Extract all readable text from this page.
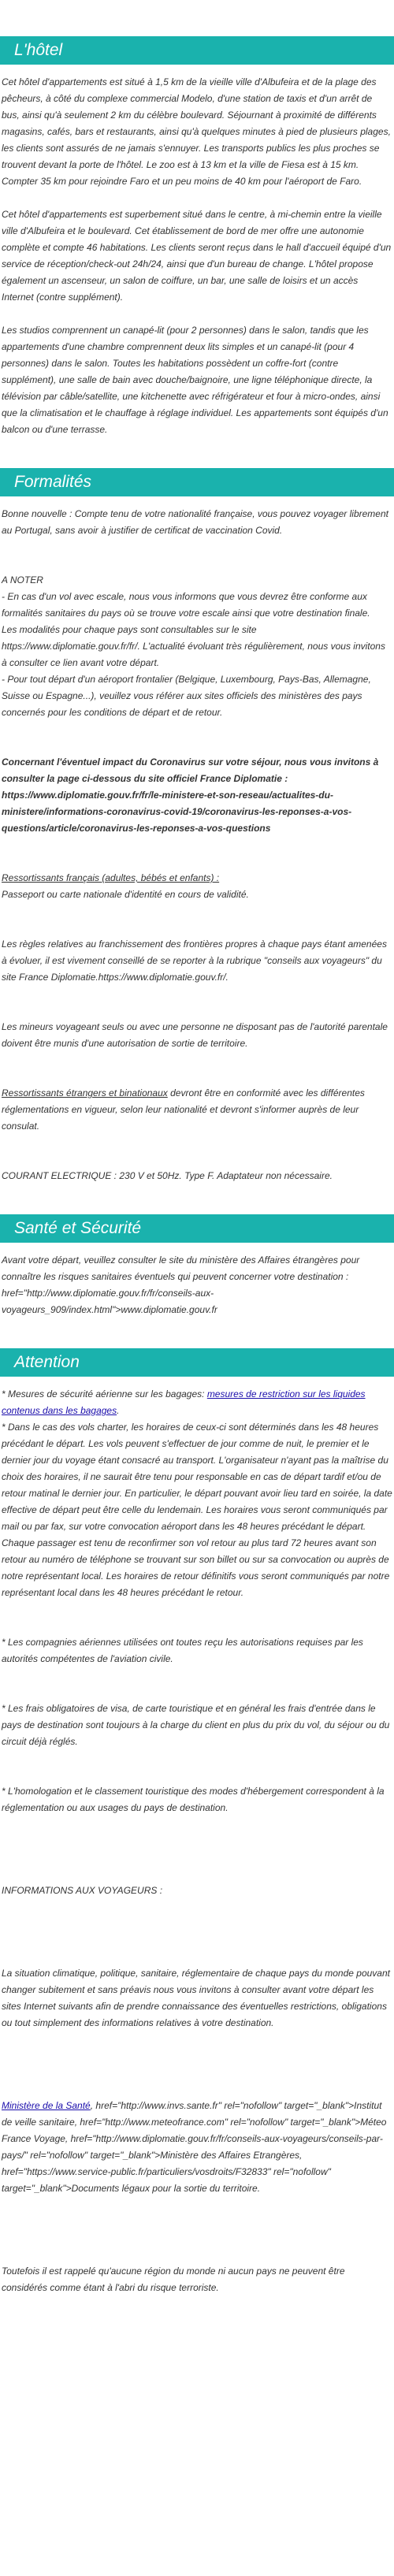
L'hôtel

Cet hôtel d'appartements est situé à 1,5 km de la vieille ville d'Albufeira et de la plage des pêcheurs, à côté du complexe commercial Modelo, d'une station de taxis et d'un arrêt de bus, ainsi qu'à seulement 2 km du célèbre boulevard. Séjournant à proximité de différents magasins, cafés, bars et restaurants, ainsi qu'à quelques minutes à pied de plusieurs plages, les clients sont assurés de ne jamais s'ennuyer. Les transports publics les plus proches se trouvent devant la porte de l'hôtel. Le zoo est à 13 km et la ville de Fiesa est à 15 km. Compter 35 km pour rejoindre Faro et un peu moins de 40 km pour l'aéroport de Faro.

Cet hôtel d'appartements est superbement situé dans le centre, à mi-chemin entre la vieille ville d'Albufeira et le boulevard. Cet établissement de bord de mer offre une autonomie complète et compte 46 habitations. Les clients seront reçus dans le hall d'accueil équipé d'un service de réception/check-out 24h/24, ainsi que d'un bureau de change. L'hôtel propose également un ascenseur, un salon de coiffure, un bar, une salle de loisirs et un accès Internet (contre supplément).

Les studios comprennent un canapé-lit (pour 2 personnes) dans le salon, tandis que les appartements d'une chambre comprennent deux lits simples et un canapé-lit (pour 4 personnes) dans le salon. Toutes les habitations possèdent un coffre-fort (contre supplément), une salle de bain avec douche/baignoire, une ligne téléphonique directe, la télévision par câble/satellite, une kitchenette avec réfrigérateur et four à micro-ondes, ainsi que la climatisation et le chauffage à réglage individuel. Les appartements sont équipés d'un balcon ou d'une terrasse.

Formalités

Bonne nouvelle : Compte tenu de votre nationalité française, vous pouvez voyager librement au Portugal, sans avoir à justifier de certificat de vaccination Covid.

A NOTER

- En cas d'un vol avec escale, nous vous informons que vous devrez être conforme aux formalités sanitaires du pays où se trouve votre escale ainsi que votre destination finale.

Les modalités pour chaque pays sont consultables sur le site https://www.diplomatie.gouv.fr/fr/. L'actualité évoluant très régulièrement, nous vous invitons à consulter ce lien avant votre départ.

- Pour tout départ d'un aéroport frontalier (Belgique, Luxembourg, Pays-Bas, Allemagne, Suisse ou Espagne...), veuillez vous référer aux sites officiels des ministères des pays concernés pour les conditions de départ et de retour.

Concernant l'éventuel impact du Coronavirus sur votre séjour, nous vous invitons à consulter la page ci-dessous du site officiel France Diplomatie : https://www.diplomatie.gouv.fr/fr/le-ministere-et-son-reseau/actualites-du-ministere/informations-coronavirus-covid-19/coronavirus-les-reponses-a-vos-questions/article/coronavirus-les-reponses-a-vos-questions

Ressortissants français (adultes, bébés et enfants) :

Passeport ou carte nationale d'identité en cours de validité.

Les règles relatives au franchissement des frontières propres à chaque pays étant amenées à évoluer, il est vivement conseillé de se reporter à la rubrique "conseils aux voyageurs" du site France Diplomatie.https://www.diplomatie.gouv.fr/.

Les mineurs voyageant seuls ou avec une personne ne disposant pas de l'autorité parentale doivent être munis d'une autorisation de sortie de territoire.

Ressortissants étrangers et binationaux devront être en conformité avec les différentes réglementations en vigueur, selon leur nationalité et devront s'informer auprès de leur consulat.

COURANT ELECTRIQUE : 230 V et 50Hz. Type F. Adaptateur non nécessaire.

Santé et Sécurité

Avant votre départ, veuillez consulter le site du ministère des Affaires étrangères pour connaître les risques sanitaires éventuels qui peuvent concerner votre destination : href="http://www.diplomatie.gouv.fr/fr/conseils-aux-voyageurs_909/index.html">www.diplomatie.gouv.fr

Attention

* Mesures de sécurité aérienne sur les bagages: mesures de restriction sur les liquides contenus dans les bagages.

* Dans le cas des vols charter, les horaires de ceux-ci sont déterminés dans les 48 heures précédant le départ. Les vols peuvent s'effectuer de jour comme de nuit, le premier et le dernier jour du voyage étant consacré au transport. L'organisateur n'ayant pas la maîtrise du choix des horaires, il ne saurait être tenu pour responsable en cas de départ tardif et/ou de retour matinal le dernier jour. En particulier, le départ pouvant avoir lieu tard en soirée, la date effective de départ peut être celle du lendemain. Les horaires vous seront communiqués par mail ou par fax, sur votre convocation aéroport dans les 48 heures précédant le départ. Chaque passager est tenu de reconfirmer son vol retour au plus tard 72 heures avant son retour au numéro de téléphone se trouvant sur son billet ou sur sa convocation ou auprès de notre représentant local. Les horaires de retour définitifs vous seront communiqués par notre représentant local dans les 48 heures précédant le retour.

* Les compagnies aériennes utilisées ont toutes reçu les autorisations requises par les autorités compétentes de l'aviation civile.

* Les frais obligatoires de visa, de carte touristique et en général les frais d'entrée dans le pays de destination sont toujours à la charge du client en plus du prix du vol, du séjour ou du circuit déjà réglés.

* L'homologation et le classement touristique des modes d'hébergement correspondent à la réglementation ou aux usages du pays de destination.

INFORMATIONS AUX VOYAGEURS :

La situation climatique, politique, sanitaire, réglementaire de chaque pays du monde pouvant changer subitement et sans préavis nous vous invitons à consulter avant votre départ les sites Internet suivants afin de prendre connaissance des éventuelles restrictions, obligations ou tout simplement des informations relatives à votre destination.

Ministère de la Santé, href="http://www.invs.sante.fr" rel="nofollow" target="_blank">Institut de veille sanitaire, href="http://www.meteofrance.com" rel="nofollow" target="_blank">Méteo France Voyage, href="http://www.diplomatie.gouv.fr/fr/conseils-aux-voyageurs/conseils-par-pays/" rel="nofollow" target="_blank">Ministère des Affaires Etrangères, href="https://www.service-public.fr/particuliers/vosdroits/F32833" rel="nofollow" target="_blank">Documents légaux pour la sortie du territoire.

Toutefois il est rappelé qu'aucune région du monde ni aucun pays ne peuvent être considérés comme étant à l'abri du risque terroriste.
